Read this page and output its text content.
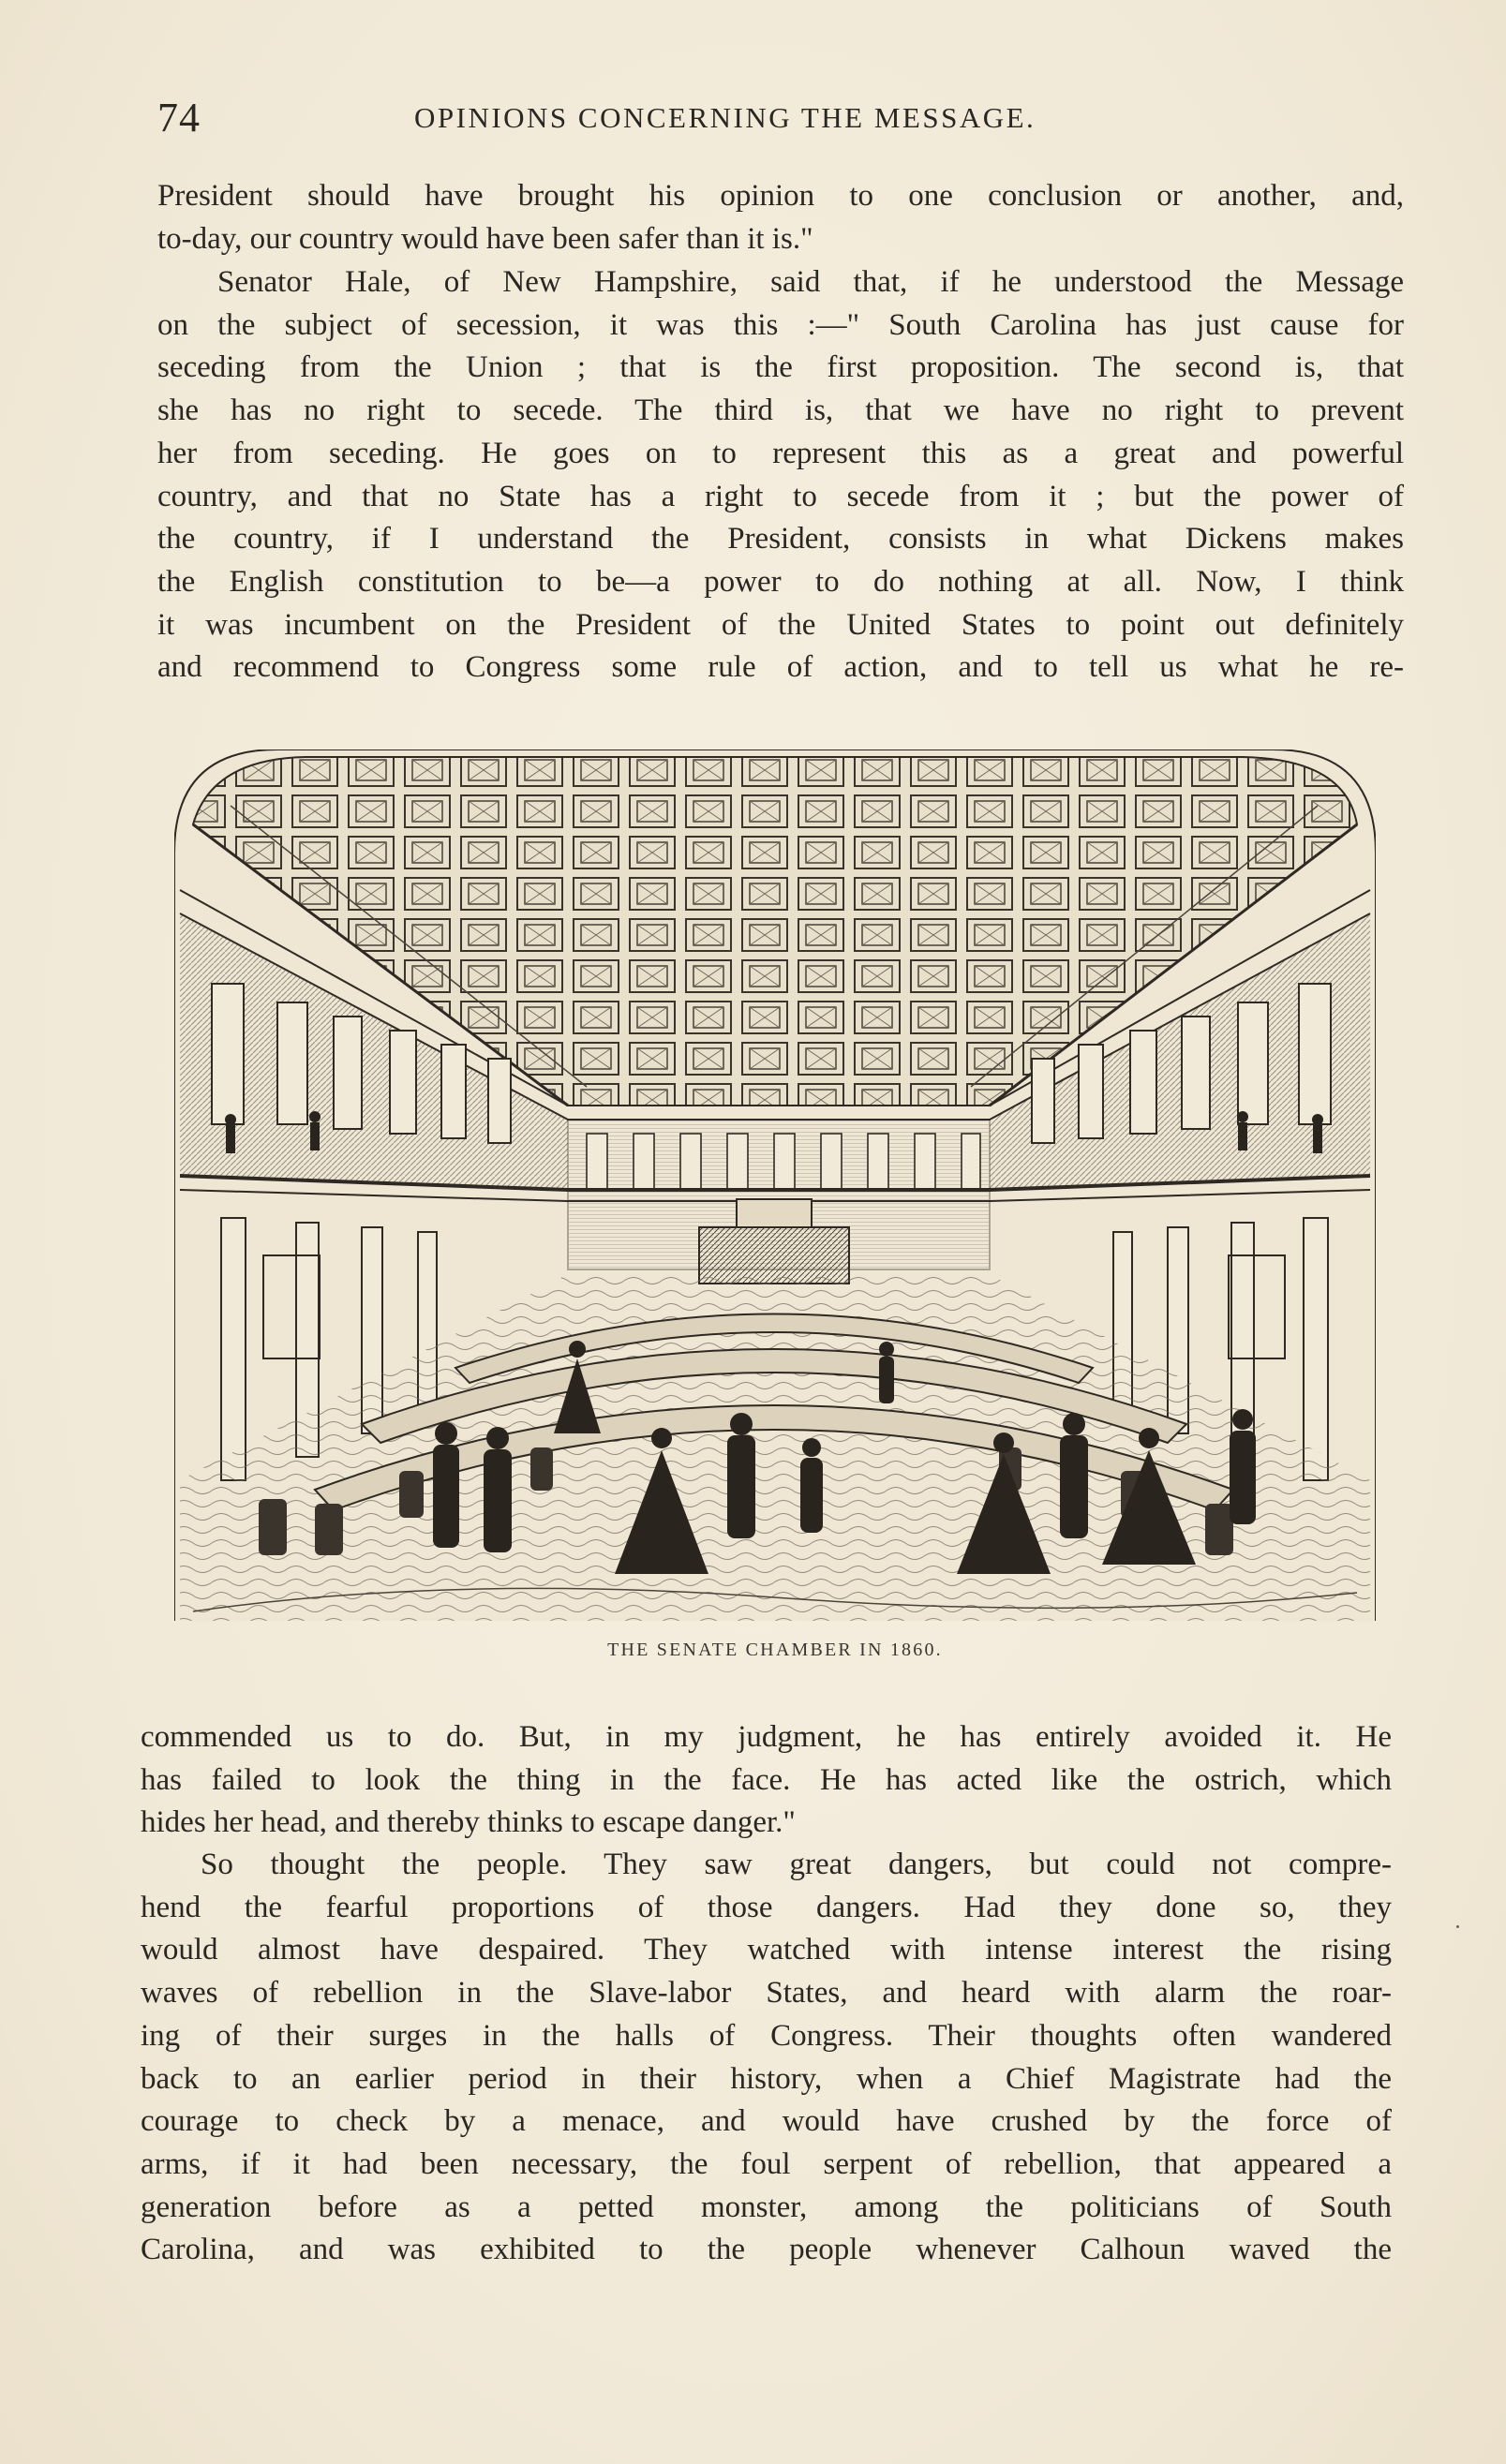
74	OPINIONS CONCERNING THE MESSAGE.
President should have brought his opinion to one conclusion or another, and,
to-day, our country would have been safer than it is."
Senator Hale, of New Hampshire, said that, if he understood the Message
on the subject of secession, it was this :—" South Carolina has just cause for
seceding from the Union ; that is the first proposition. The second is, that
she has no right to secede. The third is, that we have no right to prevent
her from seceding. He goes on to represent this as a great and powerful
country, and that no State has a right to secede from it ; but the power of
the country, if I understand the President, consists in what Dickens makes
the English constitution to be—a power to do nothing at all. Now, I think
it was incumbent on the President of the United States to point out definitely
and recommend to Congress some rule of action, and to tell us what he re-
THE SENATE CHAMBER IN 1860.
commended us to do. But, in my judgment, he has entirely avoided it. He
has failed to look the thing in the face. He has acted like the ostrich, which
hides her head, and thereby thinks to escape danger."
So thought the people. They saw great dangers, but could not compre-
hend the fearful proportions of those dangers. Had they done so, they
would almost have despaired. They watched with intense interest the rising
waves of rebellion in the Slave-labor States, and heard with alarm the roar-
ing of their surges in the halls of Congress. Their thoughts often wandered
back to an earlier period in their history, when a Chief Magistrate had the
courage to check by a menace, and would have crushed by the force of
arms, if it had been necessary, the foul serpent of rebellion, that appeared a
generation before as a petted monster, among the politicians of South
Carolina, and was exhibited to the people whenever Calhoun waved the
